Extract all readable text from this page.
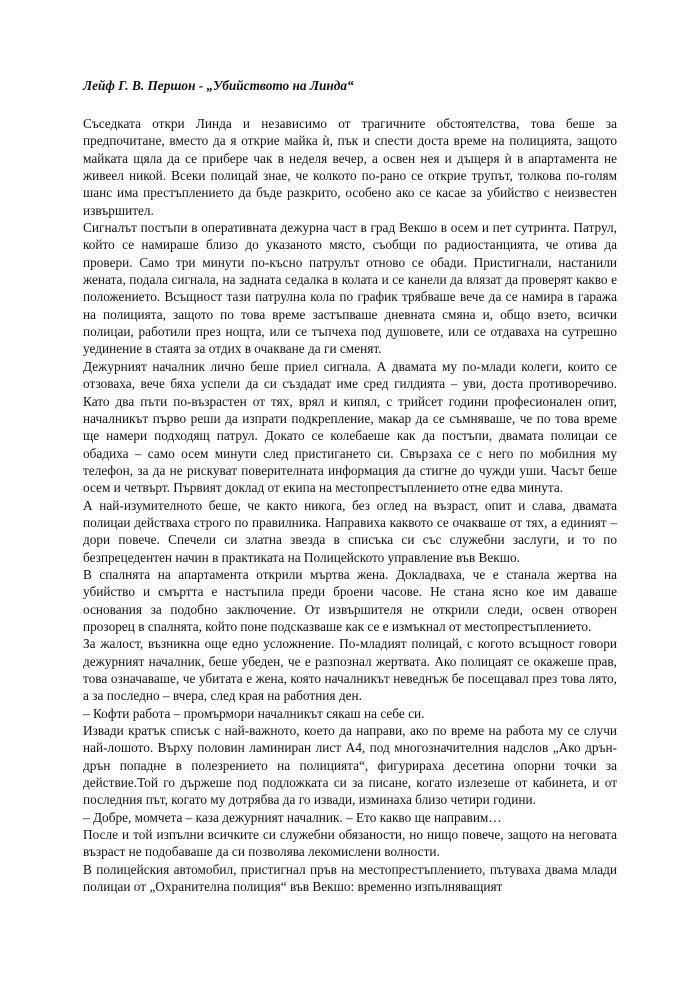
Лейф Г. В. Першон - „Убийството на Линда“

Съседката откри Линда и независимо от трагичните обстоятелства, това беше за предпочитане, вместо да я открие майка ѝ, пък и спести доста време на полицията, защото майката щяла да се прибере чак в неделя вечер, а освен нея и дъщеря ѝ в апартамента не живеел никой. Всеки полицай знае, че колкото по-рано се открие трупът, толкова по-голям шанс има престъплението да бъде разкрито, особено ако се касае за убийство с неизвестен извършител.

Сигналът постъпи в оперативната дежурна част в град Векшо в осем и пет сутринта. Патрул, който се намираше близо до указаното място, съобщи по радиостанцията, че отива да провери. Само три минути по-късно патрулът отново се обади. Пристигнали, настанили жената, подала сигнала, на задната седалка в колата и се канели да влязат да проверят какво е положението. Всъщност тази патрулна кола по график трябваше вече да се намира в гаража на полицията, защото по това време застъпваше дневната смяна и, общо взето, всички полицаи, работили през нощта, или се тъпчеха под душовете, или се отдаваха на сутрешно уединение в стаята за отдих в очакване да ги сменят.

Дежурният началник лично беше приел сигнала. А двамата му по-млади колеги, които се отзоваха, вече бяха успели да си създадат име сред гилдията – уви, доста противоречиво. Като два пъти по-възрастен от тях, врял и кипял, с трийсет години професионален опит, началникът първо реши да изпрати подкрепление, макар да се съмняваше, че по това време ще намери подходящ патрул. Докато се колебаеше как да постъпи, двамата полицаи се обадиха – само осем минути след пристигането си. Свързаха се с него по мобилния му телефон, за да не рискуват поверителната информация да стигне до чужди уши. Часът беше осем и четвърт. Първият доклад от екипа на местопрестъплението отне едва минута.

А най-изумителното беше, че както никога, без оглед на възраст, опит и слава, двамата полицаи действаха строго по правилника. Направиха каквото се очакваше от тях, а единият – дори повече. Спечели си златна звезда в списъка си със служебни заслуги, и то по безпрецедентен начин в практиката на Полицейското управление във Векшо.

В спалнята на апартамента открили мъртва жена. Докладваха, че е станала жертва на убийство и смъртта е настъпила преди броени часове. Не стана ясно кое им даваше основания за подобно заключение. От извършителя не открили следи, освен отворен прозорец в спалнята, който поне подсказваше как се е измъкнал от местопрестъплението.

За жалост, възникна още едно усложнение. По-младият полицай, с когото всъщност говори дежурният началник, беше убеден, че е разпознал жертвата. Ако полицаят се окажеше прав, това означаваше, че убитата е жена, която началникът неведнъж бе посещавал през това лято, а за последно – вчера, след края на работния ден.

– Кофти работа – промърмори началникът сякаш на себе си.

Извади кратък списък с най-важното, което да направи, ако по време на работа му се случи най-лошото. Върху половин ламиниран лист А4, под многозначителния надслов „Ако дрън-дрън попадне в полезрението на полицията“, фигурираха десетина опорни точки за действие.Той го държеше под подложката си за писане, когато излезеше от кабинета, и от последния път, когато му дотрябва да го извади, изминаха близо четири години.

– Добре, момчета – каза дежурният началник. – Ето какво ще направим…

После и той изпълни всичките си служебни обязаности, но нищо повече, защото на неговата възраст не подобаваше да си позволява лекомислени волности.

В полицейския автомобил, пристигнал пръв на местопрестъплението, пътуваха двама млади полицаи от „Охранителна полиция“ във Векшо: временно изпълняващият
